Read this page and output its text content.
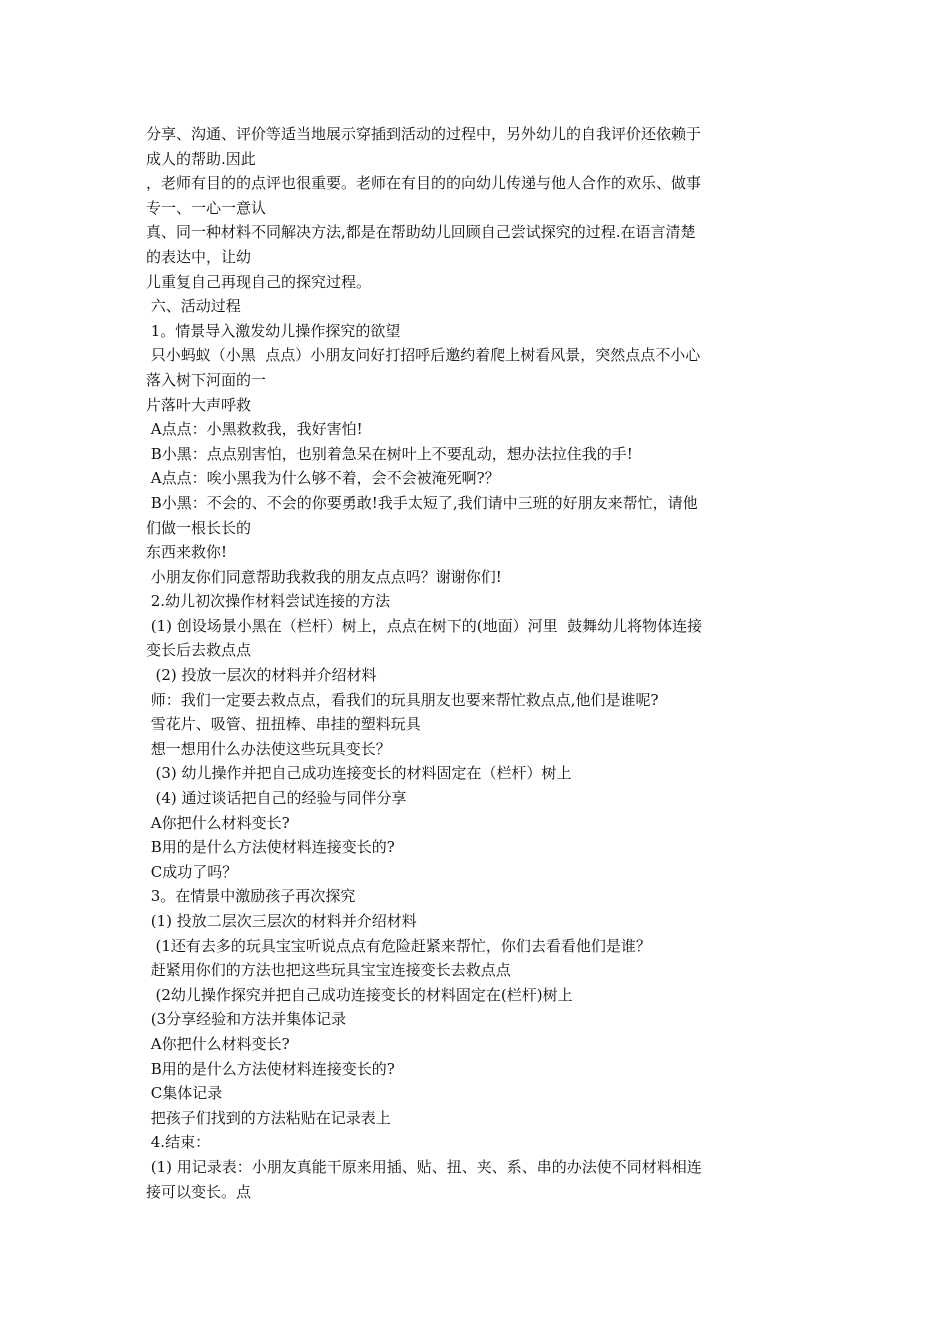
分享、沟通、评价等适当地展示穿插到活动的过程中，另外幼儿的自我评价还依赖于
成人的帮助.因此
，老师有目的的点评也很重要。老师在有目的的向幼儿传递与他人合作的欢乐、做事
专一、一心一意认
真、同一种材料不同解决方法,都是在帮助幼儿回顾自己尝试探究的过程.在语言清楚
的表达中，让幼
儿重复自己再现自己的探究过程。
六、活动过程
1。情景导入激发幼儿操作探究的欲望
只小蚂蚁（小黑  点点）小朋友问好打招呼后邀约着爬上树看风景，突然点点不小心
落入树下河面的一
片落叶大声呼救
A点点：小黑救救我，我好害怕!
B小黑：点点别害怕，也别着急呆在树叶上不要乱动，想办法拉住我的手!
A点点：唉小黑我为什么够不着，会不会被淹死啊?？
B小黑：不会的、不会的你要勇敢!我手太短了,我们请中三班的好朋友来帮忙，请他
们做一根长长的
东西来救你!
小朋友你们同意帮助我救我的朋友点点吗？谢谢你们!
2.幼儿初次操作材料尝试连接的方法
(1) 创设场景小黑在（栏杆）树上，点点在树下的(地面）河里  鼓舞幼儿将物体连接
变长后去救点点
(2) 投放一层次的材料并介绍材料
师：我们一定要去救点点，看我们的玩具朋友也要来帮忙救点点,他们是谁呢?
雪花片、吸管、扭扭棒、串挂的塑料玩具
想一想用什么办法使这些玩具变长？
(3) 幼儿操作并把自己成功连接变长的材料固定在（栏杆）树上
(4) 通过谈话把自己的经验与同伴分享
A你把什么材料变长?
B用的是什么方法使材料连接变长的?
C成功了吗？
3。在情景中激励孩子再次探究
(1) 投放二层次三层次的材料并介绍材料
(1还有去多的玩具宝宝听说点点有危险赶紧来帮忙，你们去看看他们是谁？
赶紧用你们的方法也把这些玩具宝宝连接变长去救点点
(2幼儿操作探究并把自己成功连接变长的材料固定在(栏杆)树上
(3分享经验和方法并集体记录
A你把什么材料变长?
B用的是什么方法使材料连接变长的?
C集体记录
把孩子们找到的方法粘贴在记录表上
4.结束：
(1) 用记录表：小朋友真能干原来用插、贴、扭、夹、系、串的办法使不同材料相连
接可以变长。点
